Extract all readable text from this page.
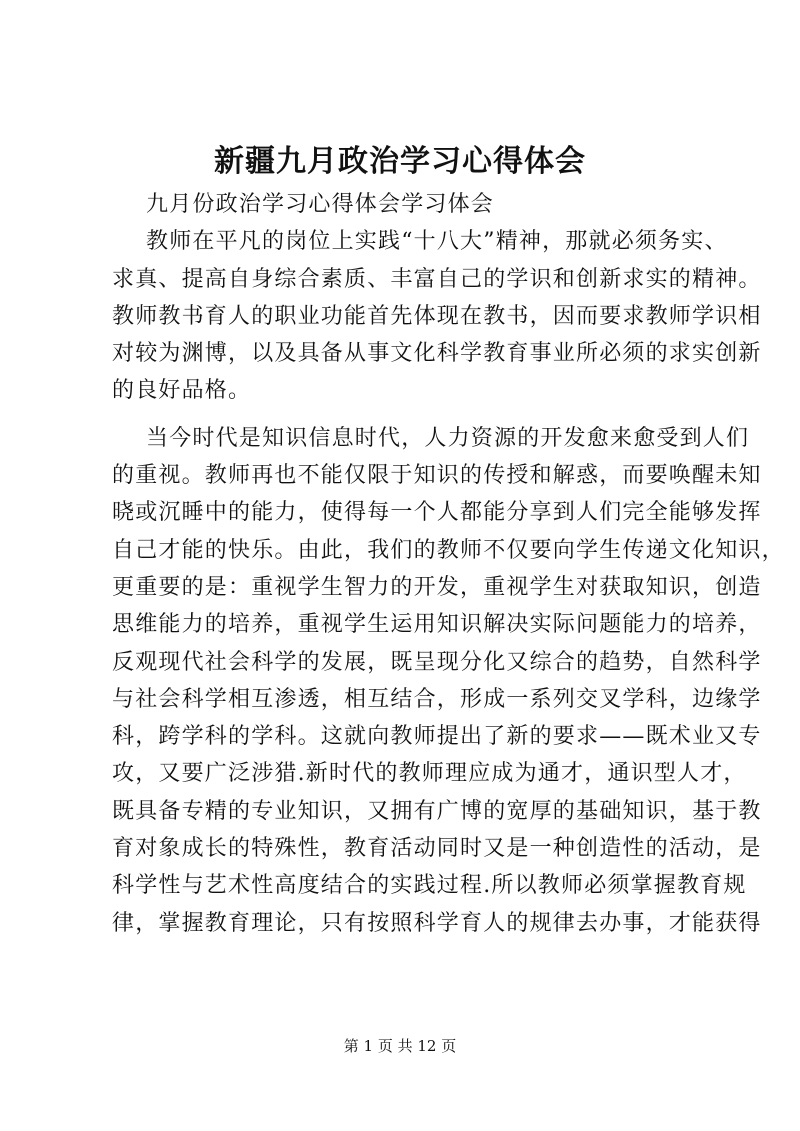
新疆九月政治学习心得体会
九月份政治学习心得体会学习体会
教师在平凡的岗位上实践“十八大”精神，那就必须务实、
求真、提高自身综合素质、丰富自己的学识和创新求实的精神。
教师教书育人的职业功能首先体现在教书，因而要求教师学识相
对较为渊博，以及具备从事文化科学教育事业所必须的求实创新
的良好品格。
当今时代是知识信息时代，人力资源的开发愈来愈受到人们
的重视。教师再也不能仅限于知识的传授和解惑，而要唤醒未知
晓或沉睡中的能力，使得每一个人都能分享到人们完全能够发挥
自己才能的快乐。由此，我们的教师不仅要向学生传递文化知识，
更重要的是：重视学生智力的开发，重视学生对获取知识，创造
思维能力的培养，重视学生运用知识解决实际问题能力的培养，
反观现代社会科学的发展，既呈现分化又综合的趋势，自然科学
与社会科学相互渗透，相互结合，形成一系列交叉学科，边缘学
科，跨学科的学科。这就向教师提出了新的要求——既术业又专
攻，又要广泛涉猎.新时代的教师理应成为通才，通识型人才，
既具备专精的专业知识，又拥有广博的宽厚的基础知识，基于教
育对象成长的特殊性，教育活动同时又是一种创造性的活动，是
科学性与艺术性高度结合的实践过程.所以教师必须掌握教育规
律，掌握教育理论，只有按照科学育人的规律去办事，才能获得
第 1 页 共 12 页
